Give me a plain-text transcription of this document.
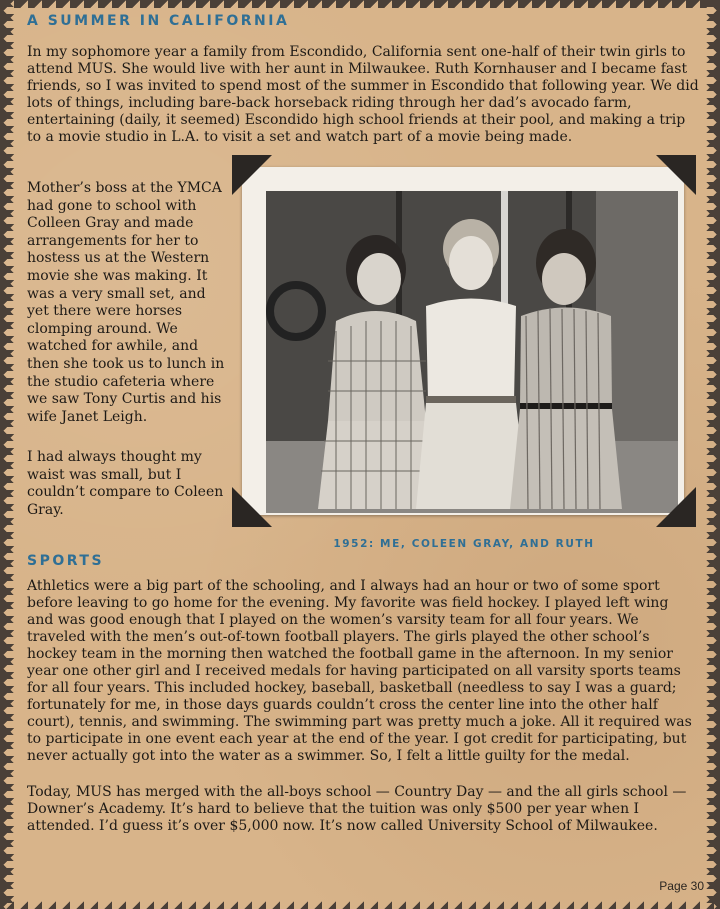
A SUMMER IN CALIFORNIA

In my sophomore year a family from Escondido, California sent one-half of their twin girls to attend MUS. She would live with her aunt in Milwaukee. Ruth Kornhauser and I became fast friends, so I was invited to spend most of the summer in Escondido that following year. We did lots of things, including bare-back horseback riding through her dad’s avocado farm, entertaining (daily, it seemed) Escondido high school friends at their pool, and making a trip to a movie studio in L.A. to visit a set and watch part of a movie being made.

Mother’s boss at the YMCA had gone to school with Colleen Gray and made arrangements for her to hostess us at the Western movie she was making. It was a very small set, and yet there were horses clomping around. We watched for awhile, and then she took us to lunch in the studio cafeteria where we saw Tony Curtis and his wife Janet Leigh.

I had always thought my waist was small, but I couldn’t compare to Coleen Gray.

1952: ME, COLEEN GRAY, AND RUTH

SPORTS

Athletics were a big part of the schooling, and I always had an hour or two of some sport before leaving to go home for the evening. My favorite was field hockey. I played left wing and was good enough that I played on the women’s varsity team for all four years. We traveled with the men’s out-of-town football players. The girls played the other school’s hockey team in the morning then watched the football game in the afternoon. In my senior year one other girl and I received medals for having participated on all varsity sports teams for all four years. This included hockey, baseball, basketball (needless to say I was a guard; fortunately for me, in those days guards couldn’t cross the center line into the other half court), tennis, and swimming. The swimming part was pretty much a joke. All it required was to participate in one event each year at the end of the year. I got credit for participating, but never actually got into the water as a swimmer. So, I felt a little guilty for the medal.

Today, MUS has merged with the all-boys school — Country Day — and the all girls school —Downer’s Academy. It’s hard to believe that the tuition was only $500 per year when I attended. I’d guess it’s over $5,000 now. It’s now called University School of Milwaukee.

Page 30
